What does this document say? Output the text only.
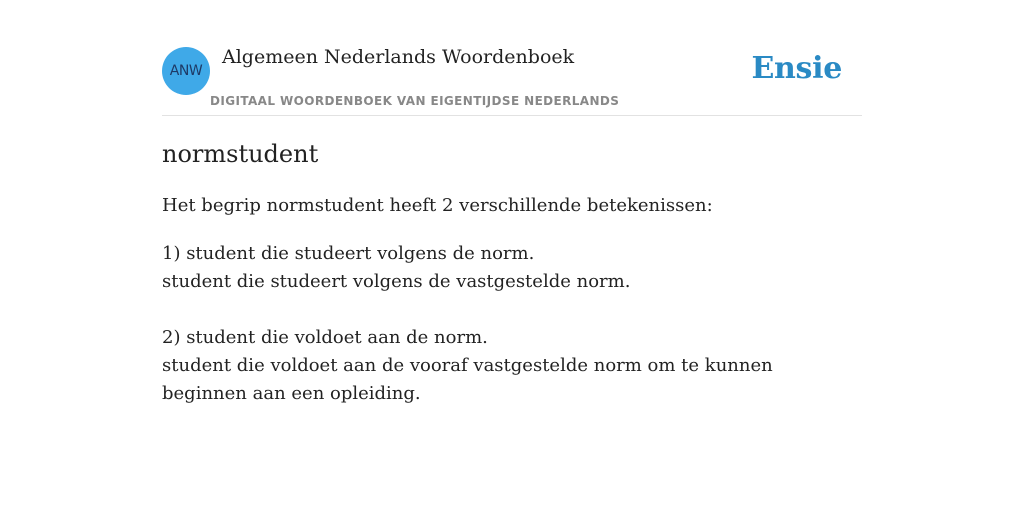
ANW
Algemeen Nederlands Woordenboek
DIGITAAL WOORDENBOEK VAN EIGENTIJDSE NEDERLANDS
Ensie
normstudent

Het begrip normstudent heeft 2 verschillende betekenissen:

1) student die studeert volgens de norm.
student die studeert volgens de vastgestelde norm.
2) student die voldoet aan de norm.
student die voldoet aan de vooraf vastgestelde norm om te kunnen beginnen aan een opleiding.
